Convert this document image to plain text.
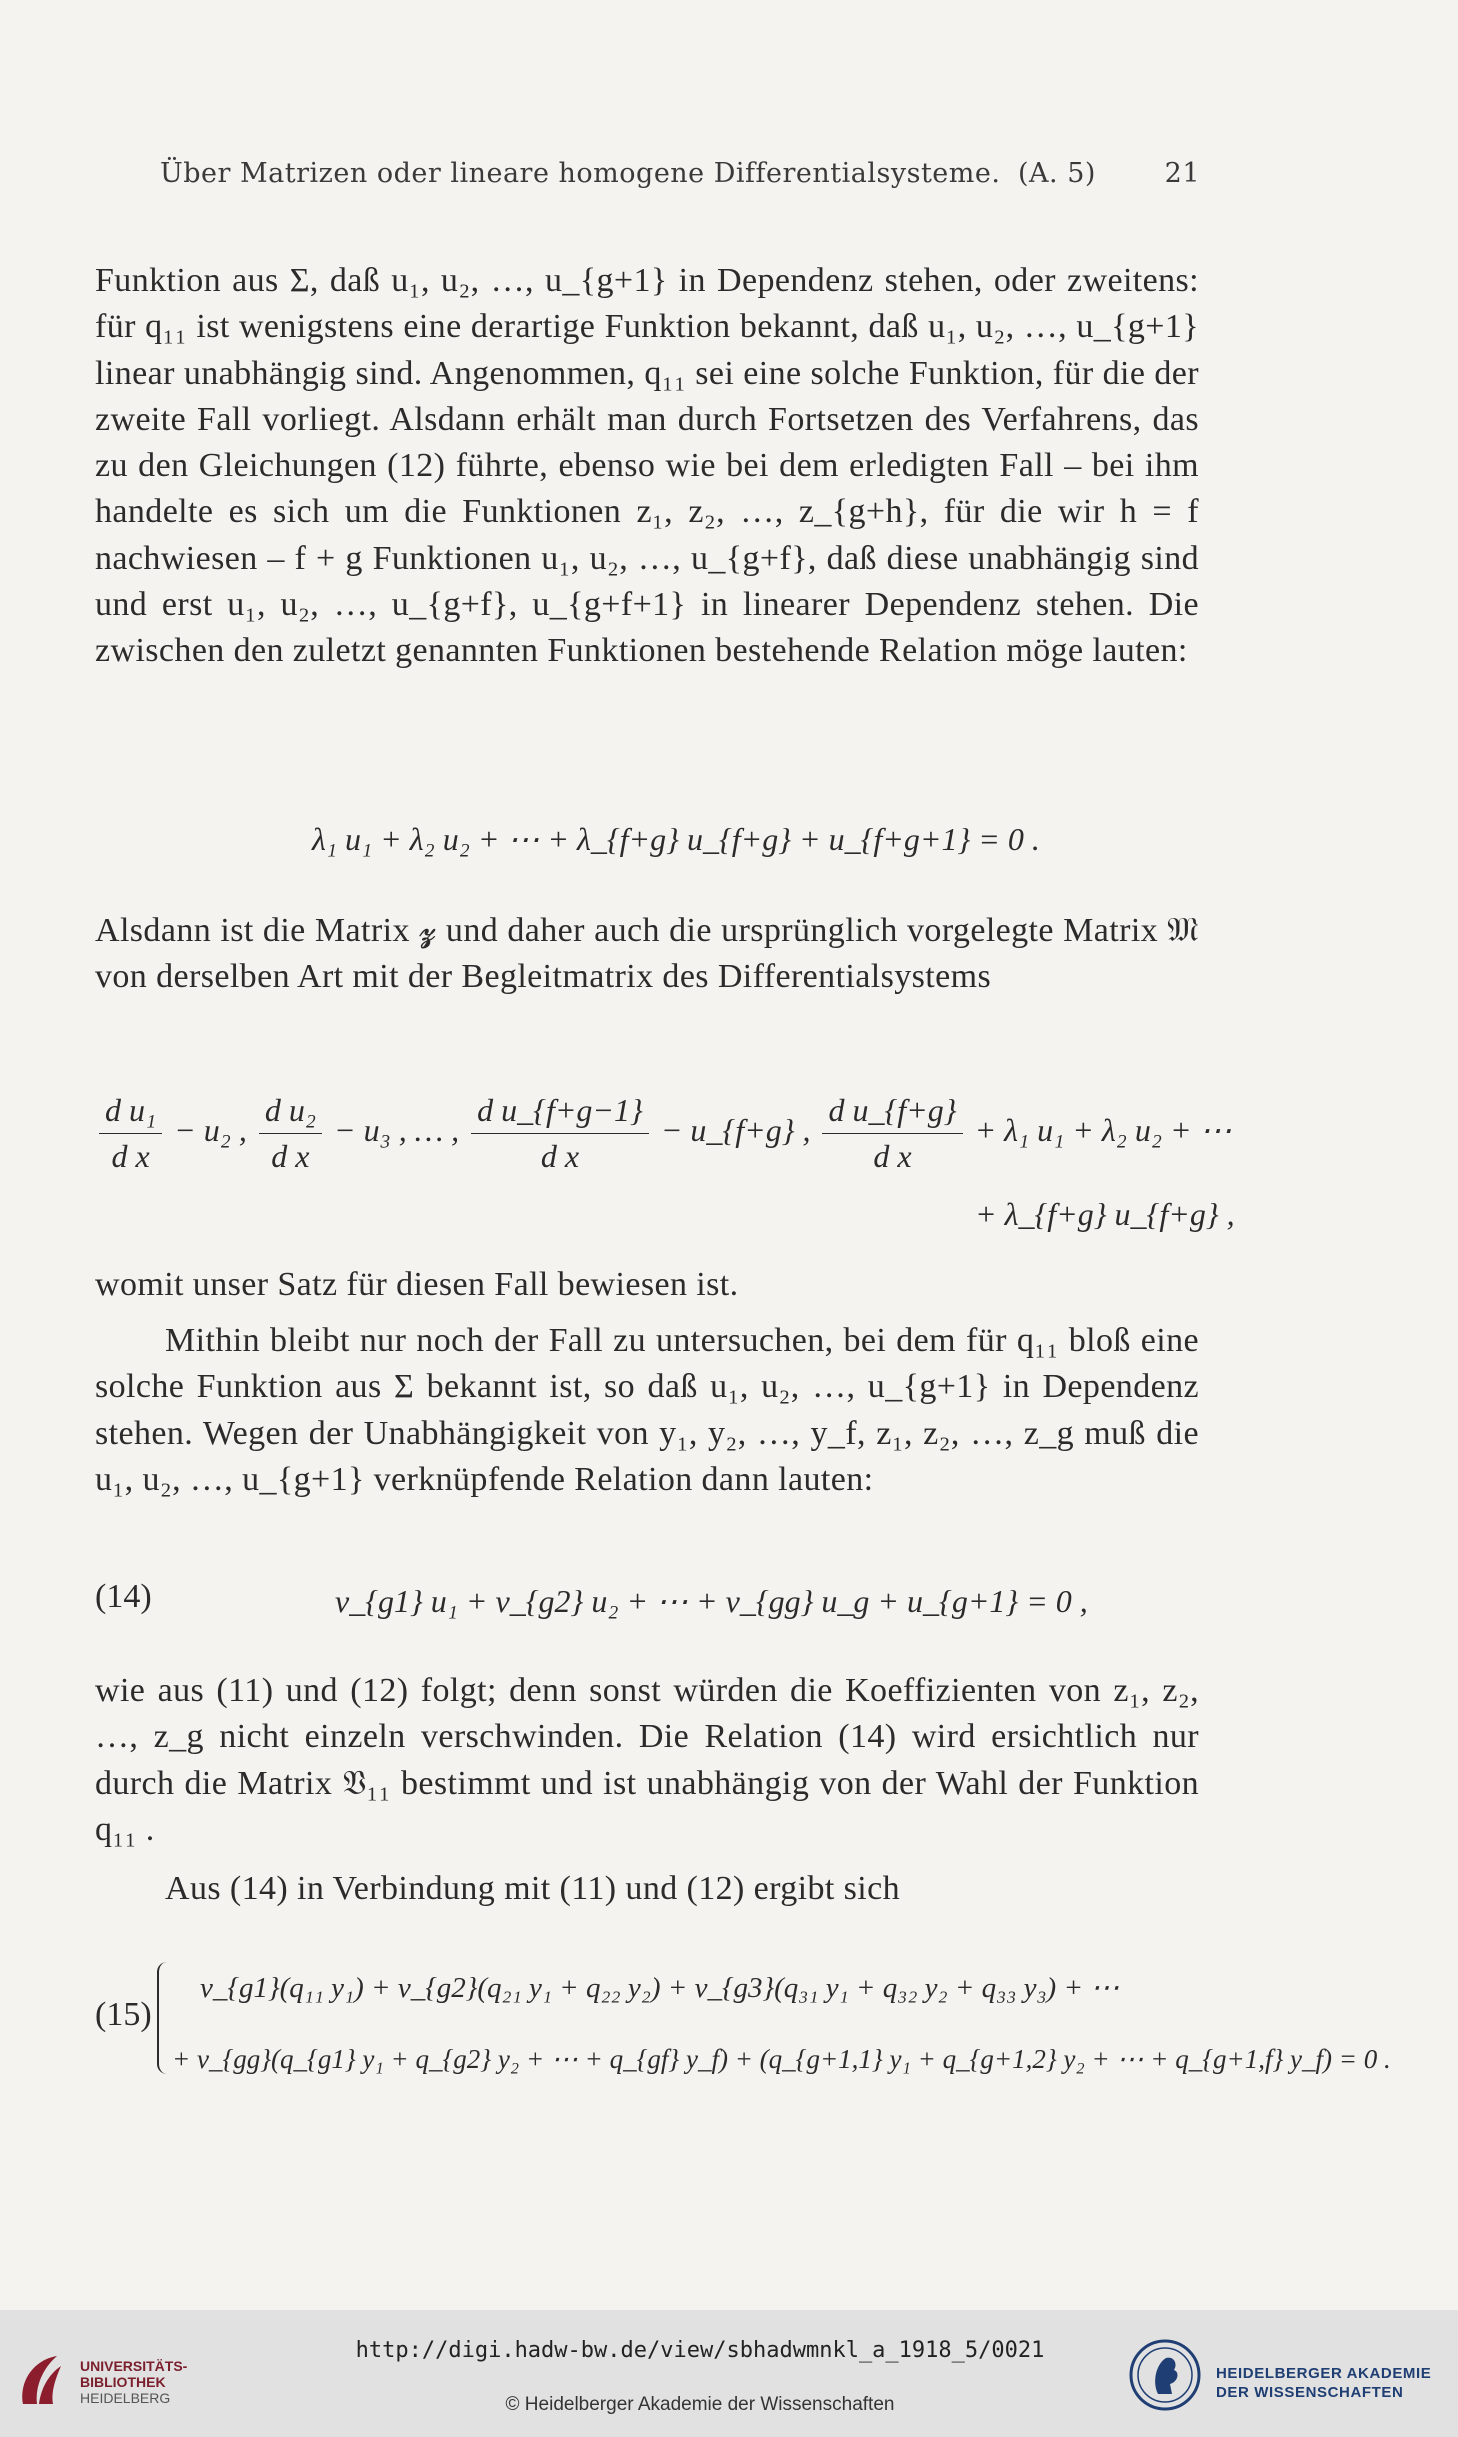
Über Matrizen oder lineare homogene Differentialsysteme. (A. 5)	21
Funktion aus Σ, daß u₁, u₂, …, u_{g+1} in Dependenz stehen, oder zweitens: für q₁₁ ist wenigstens eine derartige Funktion bekannt, daß u₁, u₂, …, u_{g+1} linear unabhängig sind. Angenommen, q₁₁ sei eine solche Funktion, für die der zweite Fall vorliegt. Alsdann erhält man durch Fortsetzen des Verfahrens, das zu den Gleichungen (12) führte, ebenso wie bei dem erledigten Fall – bei ihm handelte es sich um die Funktionen z₁, z₂, …, z_{g+h}, für die wir h = f nachwiesen – f + g Funktionen u₁, u₂, …, u_{g+f}, daß diese unabhängig sind und erst u₁, u₂, …, u_{g+f}, u_{g+f+1} in linearer Dependenz stehen. Die zwischen den zuletzt genannten Funktionen bestehende Relation möge lauten:
λ₁ u₁ + λ₂ u₂ + ⋯ + λ_{f+g} u_{f+g} + u_{f+g+1} = 0 .
Alsdann ist die Matrix 𝔃 und daher auch die ursprünglich vorgelegte Matrix 𝔐 von derselben Art mit der Begleitmatrix des Differentialsystems
$\frac{\text{d u₁}}{\text{d x}} - u_2$ , $\frac{\text{d u₂}}{\text{d x}} - u_3$ , … , $\frac{\text{d u\_\{f+g−1\}}}{\text{d x}}$ − u_{f+g} , $\frac{\text{d u\_\{f+g\}}}{\text{d x}} + \lambda_1$ u₁ + λ₂ u₂ + ⋯
+ λ_{f+g} u_{f+g} ,
womit unser Satz für diesen Fall bewiesen ist.
Mithin bleibt nur noch der Fall zu untersuchen, bei dem für q₁₁ bloß eine solche Funktion aus Σ bekannt ist, so daß u₁, u₂, …, u_{g+1} in Dependenz stehen. Wegen der Unabhängigkeit von y₁, y₂, …, y_f, z₁, z₂, …, z_g muß die u₁, u₂, …, u_{g+1} verknüpfende Relation dann lauten:
(14)	v_{g1} u₁ + v_{g2} u₂ + ⋯ + v_{gg} u_g + u_{g+1} = 0 ,
wie aus (11) und (12) folgt; denn sonst würden die Koeffizienten von z₁, z₂, …, z_g nicht einzeln verschwinden. Die Relation (14) wird ersichtlich nur durch die Matrix 𝔙₁₁ bestimmt und ist unabhängig von der Wahl der Funktion q₁₁ .
Aus (14) in Verbindung mit (11) und (12) ergibt sich
(15)
v_{g1}(q₁₁ y₁) + v_{g2}(q₂₁ y₁ + q₂₂ y₂) + v_{g3}(q₃₁ y₁ + q₃₂ y₂ + q₃₃ y₃) + ⋯
+ v_{gg}(q_{g1} y₁ + q_{g2} y₂ + ⋯ + q_{gf} y_f) + (q_{g+1,1} y₁ + q_{g+1,2} y₂ + ⋯ + q_{g+1,f} y_f) = 0 .
UNIVERSITÄTS-
BIBLIOTHEK
HEIDELBERG
http://digi.hadw-bw.de/view/sbhadwmnkl_a_1918_5/0021
© Heidelberger Akademie der Wissenschaften
HEIDELBERGER AKADEMIE
DER WISSENSCHAFTEN
